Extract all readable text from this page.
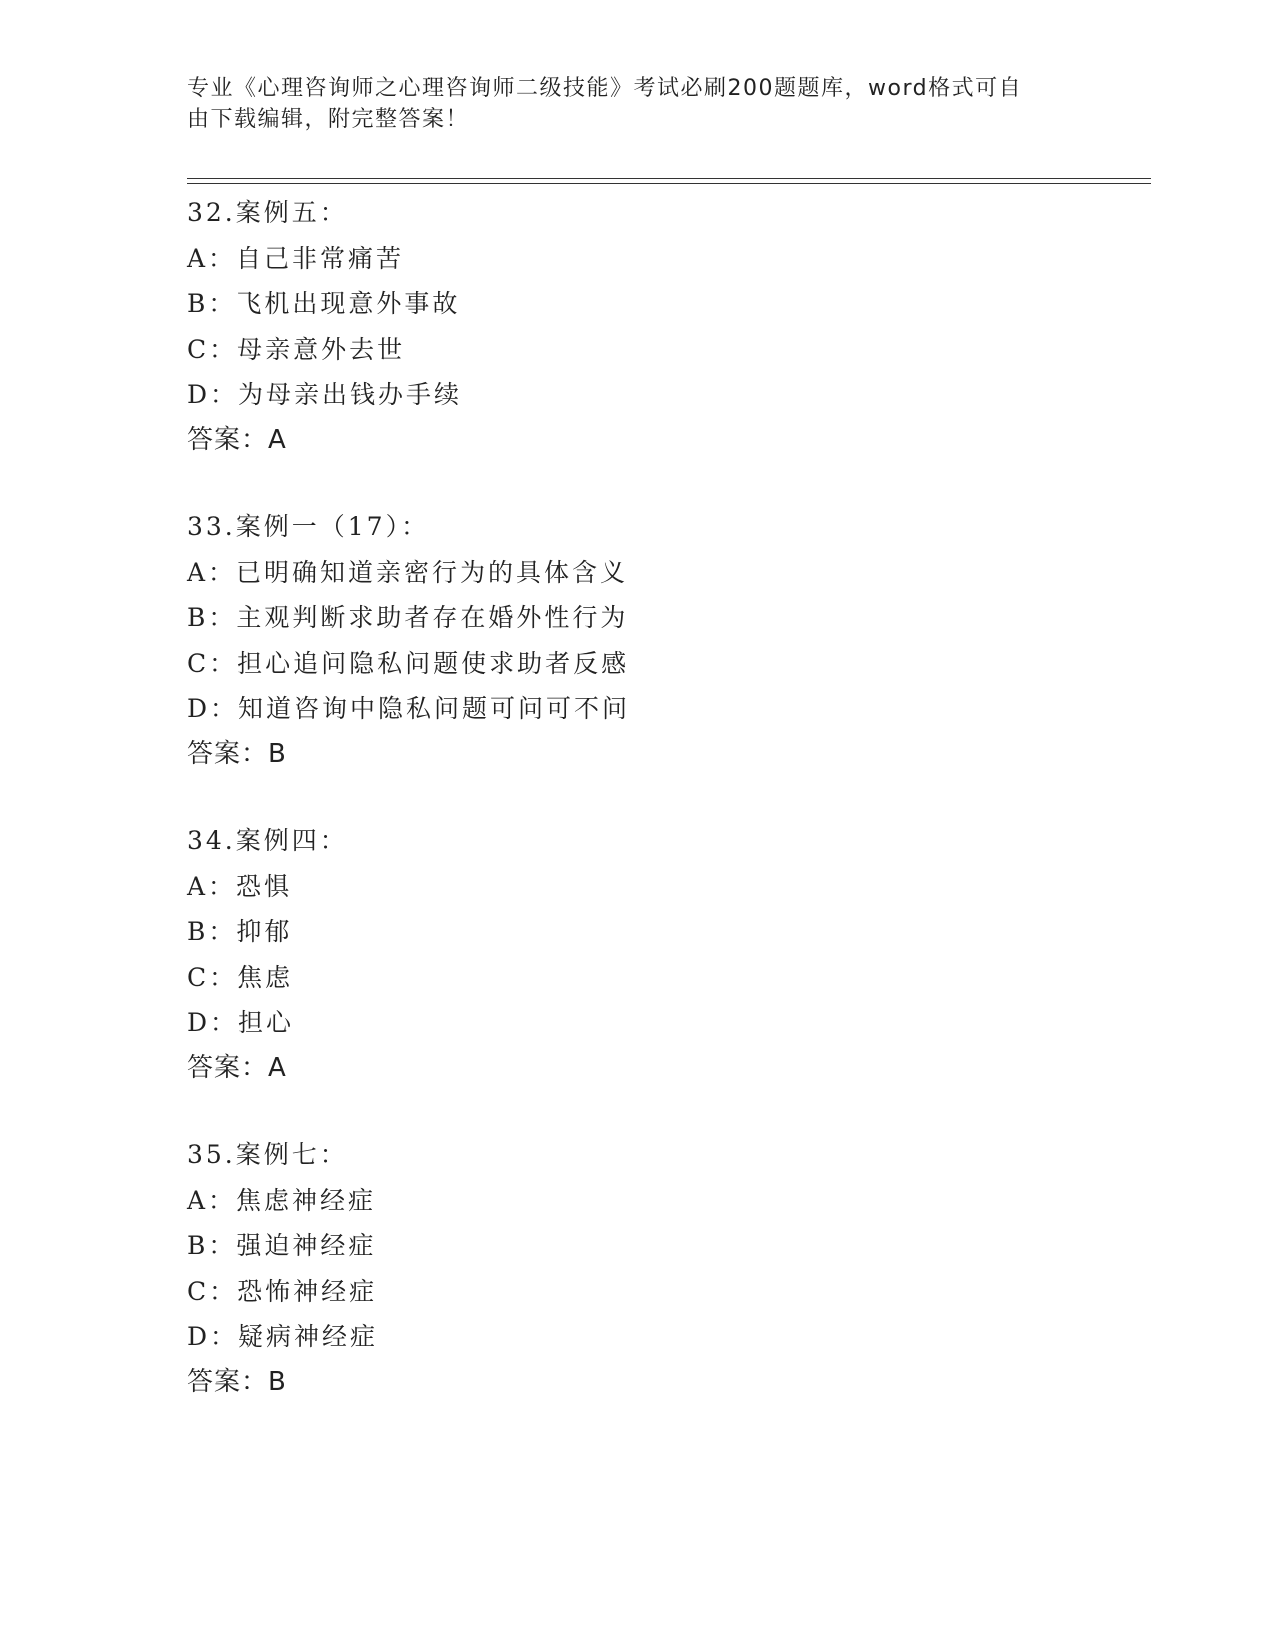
专业《心理咨询师之心理咨询师二级技能》考试必刷200题题库，word格式可自
由下载编辑，附完整答案！
32.案例五：
A：自己非常痛苦
B：飞机出现意外事故
C：母亲意外去世
D：为母亲出钱办手续
答案：A
33.案例一（17）：
A：已明确知道亲密行为的具体含义
B：主观判断求助者存在婚外性行为
C：担心追问隐私问题使求助者反感
D：知道咨询中隐私问题可问可不问
答案：B
34.案例四：
A：恐惧
B：抑郁
C：焦虑
D：担心
答案：A
35.案例七：
A：焦虑神经症
B：强迫神经症
C：恐怖神经症
D：疑病神经症
答案：B
